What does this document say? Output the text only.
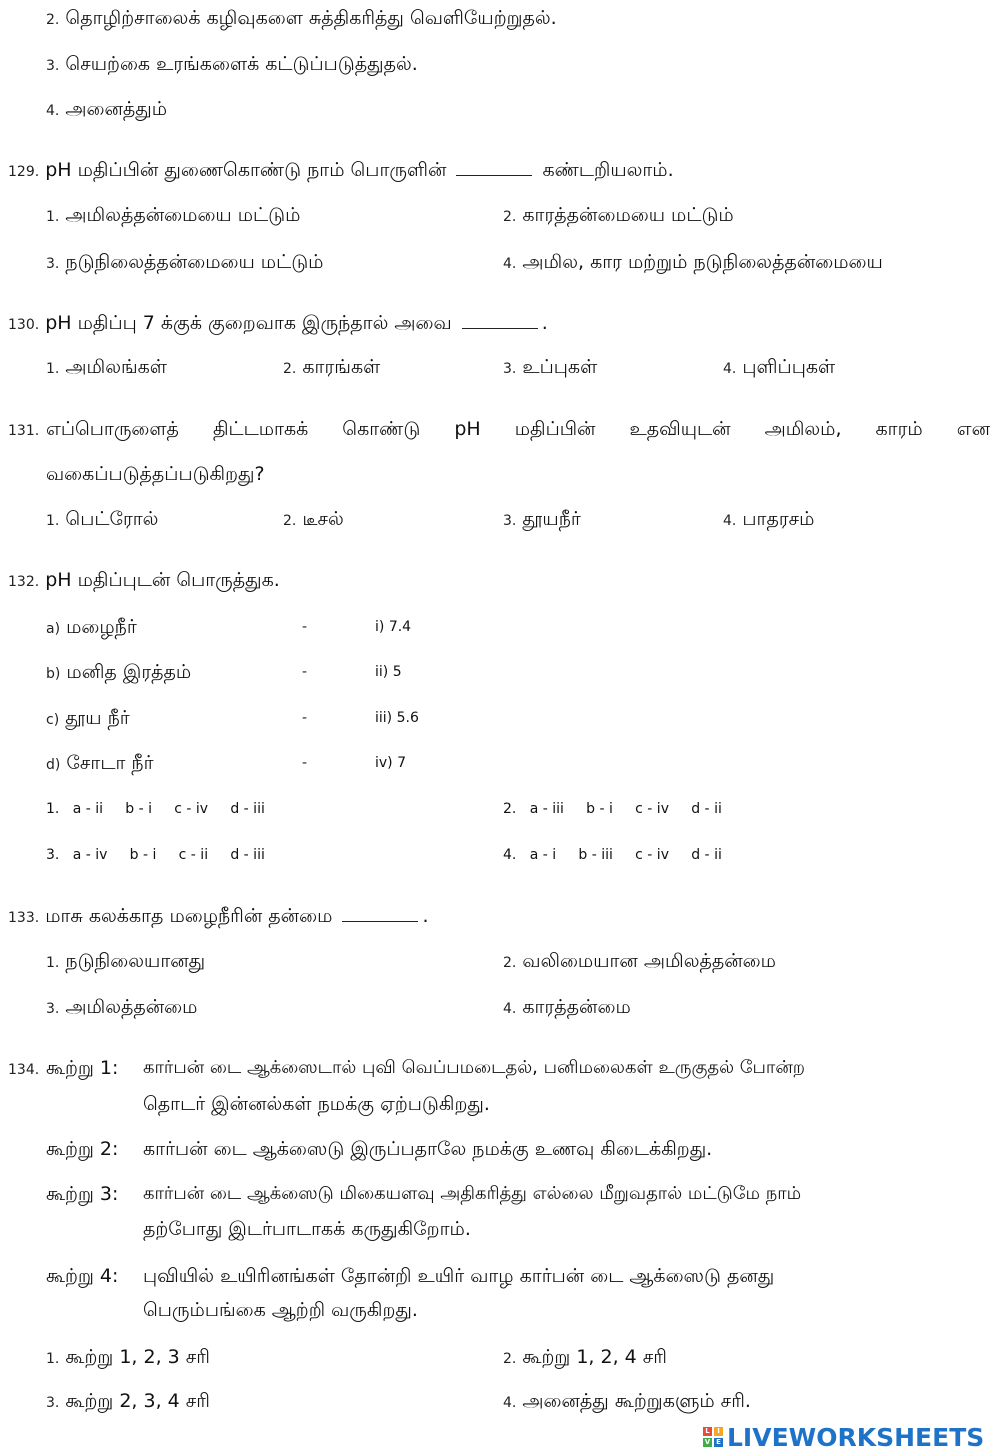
2. தொழிற்சாலைக் கழிவுகளை சுத்திகரித்து வெளியேற்றுதல்.
3. செயற்கை உரங்களைக் கட்டுப்படுத்துதல்.
4. அனைத்தும்
129. pH மதிப்பின் துணைகொண்டு நாம் பொருளின்	கண்டறியலாம்.
1. அமிலத்தன்மையை மட்டும்	2. காரத்தன்மையை மட்டும்
3. நடுநிலைத்தன்மையை மட்டும்	4. அமில, கார மற்றும் நடுநிலைத்தன்மையை
130. pH மதிப்பு 7 க்குக் குறைவாக இருந்தால் அவை	.
1. அமிலங்கள்	2. காரங்கள்	3. உப்புகள்	4. புளிப்புகள்
131. எப்பொருளைத் திட்டமாகக் கொண்டு pH மதிப்பின் உதவியுடன் அமிலம், காரம் என
வகைப்படுத்தப்படுகிறது?
1. பெட்ரோல்	2. டீசல்	3. தூயநீர்	4. பாதரசம்
132. pH மதிப்புடன் பொருத்துக.
a) மழைநீர்	-	i) 7.4
b) மனித இரத்தம்	-	ii) 5
c) தூய நீர்	-	iii) 5.6
d) சோடா நீர்	-	iv) 7
1. a - ii     b - i     c - iv     d - iii	2. a - iii     b - i     c - iv     d - ii
3. a - iv     b - i     c - ii     d - iii	4. a - i     b - iii     c - iv     d - ii
133. மாசு கலக்காத மழைநீரின் தன்மை	.
1. நடுநிலையானது	2. வலிமையான அமிலத்தன்மை
3. அமிலத்தன்மை	4. காரத்தன்மை
134. கூற்று 1: கார்பன் டை ஆக்ஸைடால் புவி வெப்பமடைதல், பனிமலைகள் உருகுதல் போன்ற
தொடர் இன்னல்கள் நமக்கு ஏற்படுகிறது.
கூற்று 2: கார்பன் டை ஆக்ஸைடு இருப்பதாலே நமக்கு உணவு கிடைக்கிறது.
கூற்று 3: கார்பன் டை ஆக்ஸைடு மிகையளவு அதிகரித்து எல்லை மீறுவதால் மட்டுமே நாம்
தற்போது இடர்பாடாகக் கருதுகிறோம்.
கூற்று 4: புவியில் உயிரினங்கள் தோன்றி உயிர் வாழ கார்பன் டை ஆக்ஸைடு தனது
பெரும்பங்கை ஆற்றி வருகிறது.
1. கூற்று 1, 2, 3 சரி	2. கூற்று 1, 2, 4 சரி
3. கூற்று 2, 3, 4 சரி	4. அனைத்து கூற்றுகளும் சரி.
L	I
V E LIVEWORKSHEETS
